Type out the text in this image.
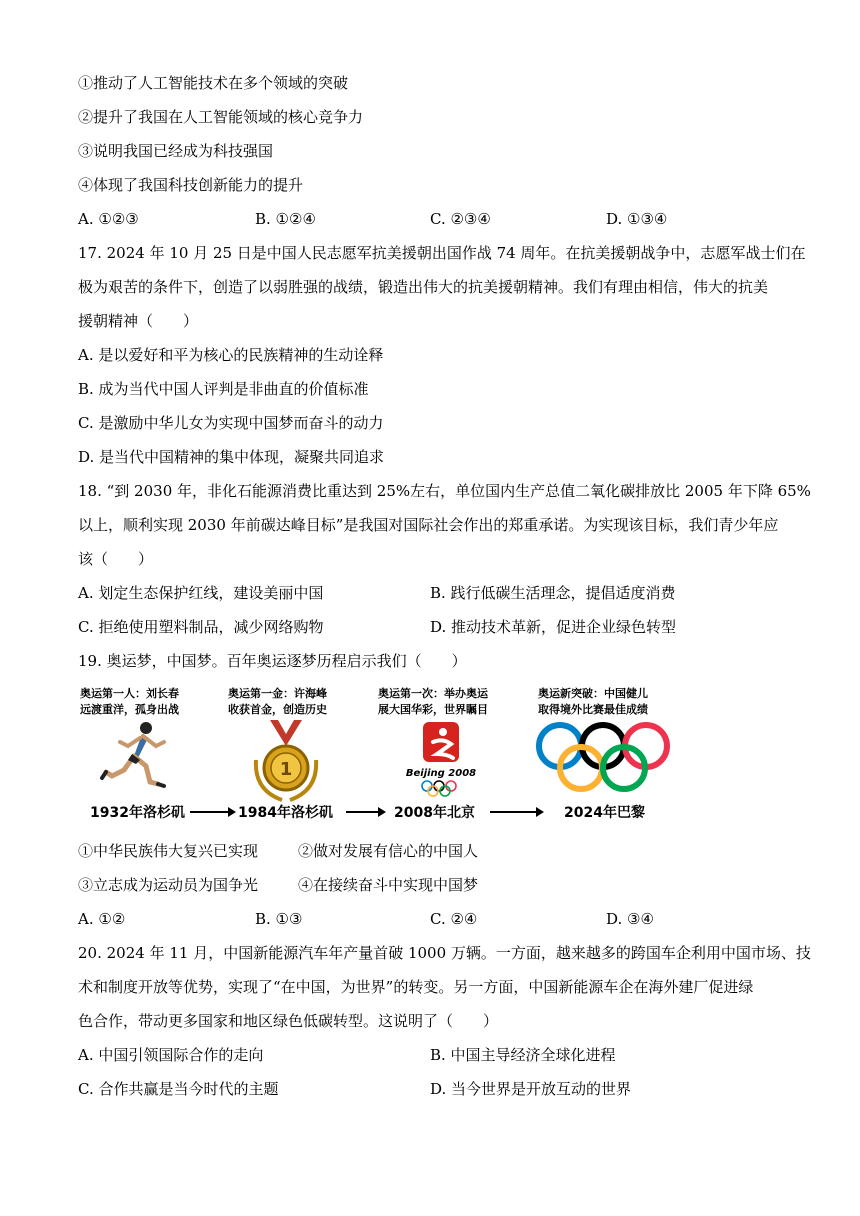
①推动了人工智能技术在多个领域的突破
②提升了我国在人工智能领域的核心竞争力
③说明我国已经成为科技强国
④体现了我国科技创新能力的提升
A. ①②③	B. ①②④	C. ②③④	D. ①③④
17. 2024 年 10 月 25 日是中国人民志愿军抗美援朝出国作战 74 周年。在抗美援朝战争中，志愿军战士们在
极为艰苦的条件下，创造了以弱胜强的战绩，锻造出伟大的抗美援朝精神。我们有理由相信，伟大的抗美
援朝精神（　　）
A. 是以爱好和平为核心的民族精神的生动诠释
B. 成为当代中国人评判是非曲直的价值标准
C. 是激励中华儿女为实现中国梦而奋斗的动力
D. 是当代中国精神的集中体现，凝聚共同追求
18. “到 2030 年，非化石能源消费比重达到 25%左右，单位国内生产总值二氧化碳排放比 2005 年下降 65%
以上，顺利实现 2030 年前碳达峰目标”是我国对国际社会作出的郑重承诺。为实现该目标，我们青少年应
该（　　）
A. 划定生态保护红线，建设美丽中国	B. 践行低碳生活理念，提倡适度消费
C. 拒绝使用塑料制品，减少网络购物	D. 推动技术革新，促进企业绿色转型
19. 奥运梦，中国梦。百年奥运逐梦历程启示我们（　　）
奥运第一人：刘长春
远渡重洋，孤身出战
奥运第一金：许海峰
收获首金，创造历史
奥运第一次：举办奥运
展大国华彩，世界瞩目
奥运新突破：中国健儿
取得境外比赛最佳成绩
1932年洛杉矶
1
1984年洛杉矶
Beijing 2008
2008年北京	2024年巴黎
①中华民族伟大复兴已实现	②做对发展有信心的中国人
③立志成为运动员为国争光	④在接续奋斗中实现中国梦
A. ①②	B. ①③	C. ②④	D. ③④
20. 2024 年 11 月，中国新能源汽车年产量首破 1000 万辆。一方面，越来越多的跨国车企利用中国市场、技
术和制度开放等优势，实现了“在中国，为世界”的转变。另一方面，中国新能源车企在海外建厂促进绿
色合作，带动更多国家和地区绿色低碳转型。这说明了（　　）
A. 中国引领国际合作的走向	B. 中国主导经济全球化进程
C. 合作共赢是当今时代的主题	D. 当今世界是开放互动的世界
